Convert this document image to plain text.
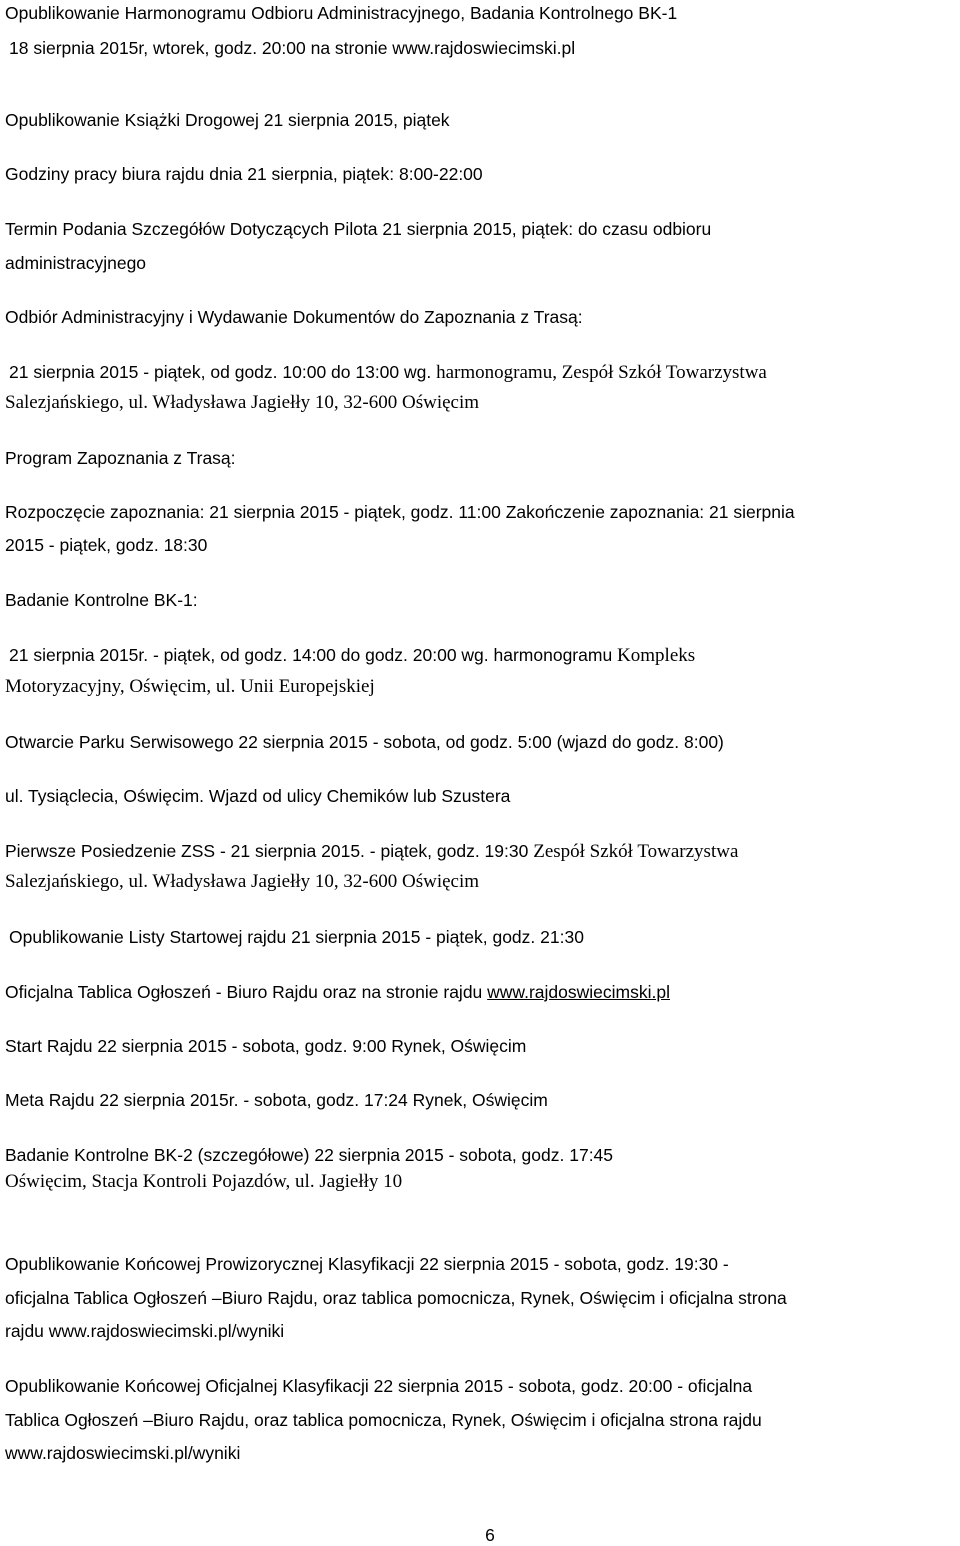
Opublikowanie Harmonogramu Odbioru Administracyjnego, Badania Kontrolnego BK-1
18 sierpnia 2015r, wtorek, godz. 20:00 na stronie www.rajdoswiecimski.pl
Opublikowanie Książki Drogowej 21 sierpnia 2015, piątek
Godziny pracy biura rajdu dnia 21 sierpnia, piątek: 8:00-22:00
Termin Podania Szczegółów Dotyczących Pilota 21 sierpnia 2015, piątek: do czasu odbioru
administracyjnego
Odbiór Administracyjny i Wydawanie Dokumentów do Zapoznania z Trasą:
21 sierpnia 2015 - piątek, od godz. 10:00 do 13:00 wg. harmonogramu, Zespół Szkół Towarzystwa
Salezjańskiego, ul. Władysława Jagiełły 10, 32-600 Oświęcim
Program Zapoznania z Trasą:
Rozpoczęcie zapoznania: 21 sierpnia 2015 - piątek, godz. 11:00 Zakończenie zapoznania: 21 sierpnia
2015 - piątek, godz. 18:30
Badanie Kontrolne BK-1:
21 sierpnia 2015r. - piątek, od godz. 14:00 do godz. 20:00 wg. harmonogramu Kompleks
Motoryzacyjny, Oświęcim, ul. Unii Europejskiej
Otwarcie Parku Serwisowego 22 sierpnia 2015 - sobota, od godz. 5:00 (wjazd do godz. 8:00)
ul. Tysiąclecia, Oświęcim. Wjazd od ulicy Chemików lub Szustera
Pierwsze Posiedzenie ZSS - 21 sierpnia 2015. - piątek, godz. 19:30 Zespół Szkół Towarzystwa
Salezjańskiego, ul. Władysława Jagiełły 10, 32-600 Oświęcim
Opublikowanie Listy Startowej rajdu 21 sierpnia 2015 - piątek, godz. 21:30
Oficjalna Tablica Ogłoszeń - Biuro Rajdu oraz na stronie rajdu www.rajdoswiecimski.pl
Start Rajdu 22 sierpnia 2015 - sobota, godz. 9:00 Rynek, Oświęcim
Meta Rajdu 22 sierpnia 2015r. - sobota, godz. 17:24 Rynek, Oświęcim
Badanie Kontrolne BK-2 (szczegółowe) 22 sierpnia 2015 - sobota, godz. 17:45
Oświęcim, Stacja Kontroli Pojazdów, ul. Jagiełły 10
Opublikowanie Końcowej Prowizorycznej Klasyfikacji 22 sierpnia 2015 - sobota, godz. 19:30 -
oficjalna Tablica Ogłoszeń –Biuro Rajdu, oraz tablica pomocnicza, Rynek, Oświęcim i oficjalna strona
rajdu www.rajdoswiecimski.pl/wyniki
Opublikowanie Końcowej Oficjalnej Klasyfikacji 22 sierpnia 2015 - sobota, godz. 20:00 - oficjalna
Tablica Ogłoszeń –Biuro Rajdu, oraz tablica pomocnicza, Rynek, Oświęcim i oficjalna strona rajdu
www.rajdoswiecimski.pl/wyniki
6
